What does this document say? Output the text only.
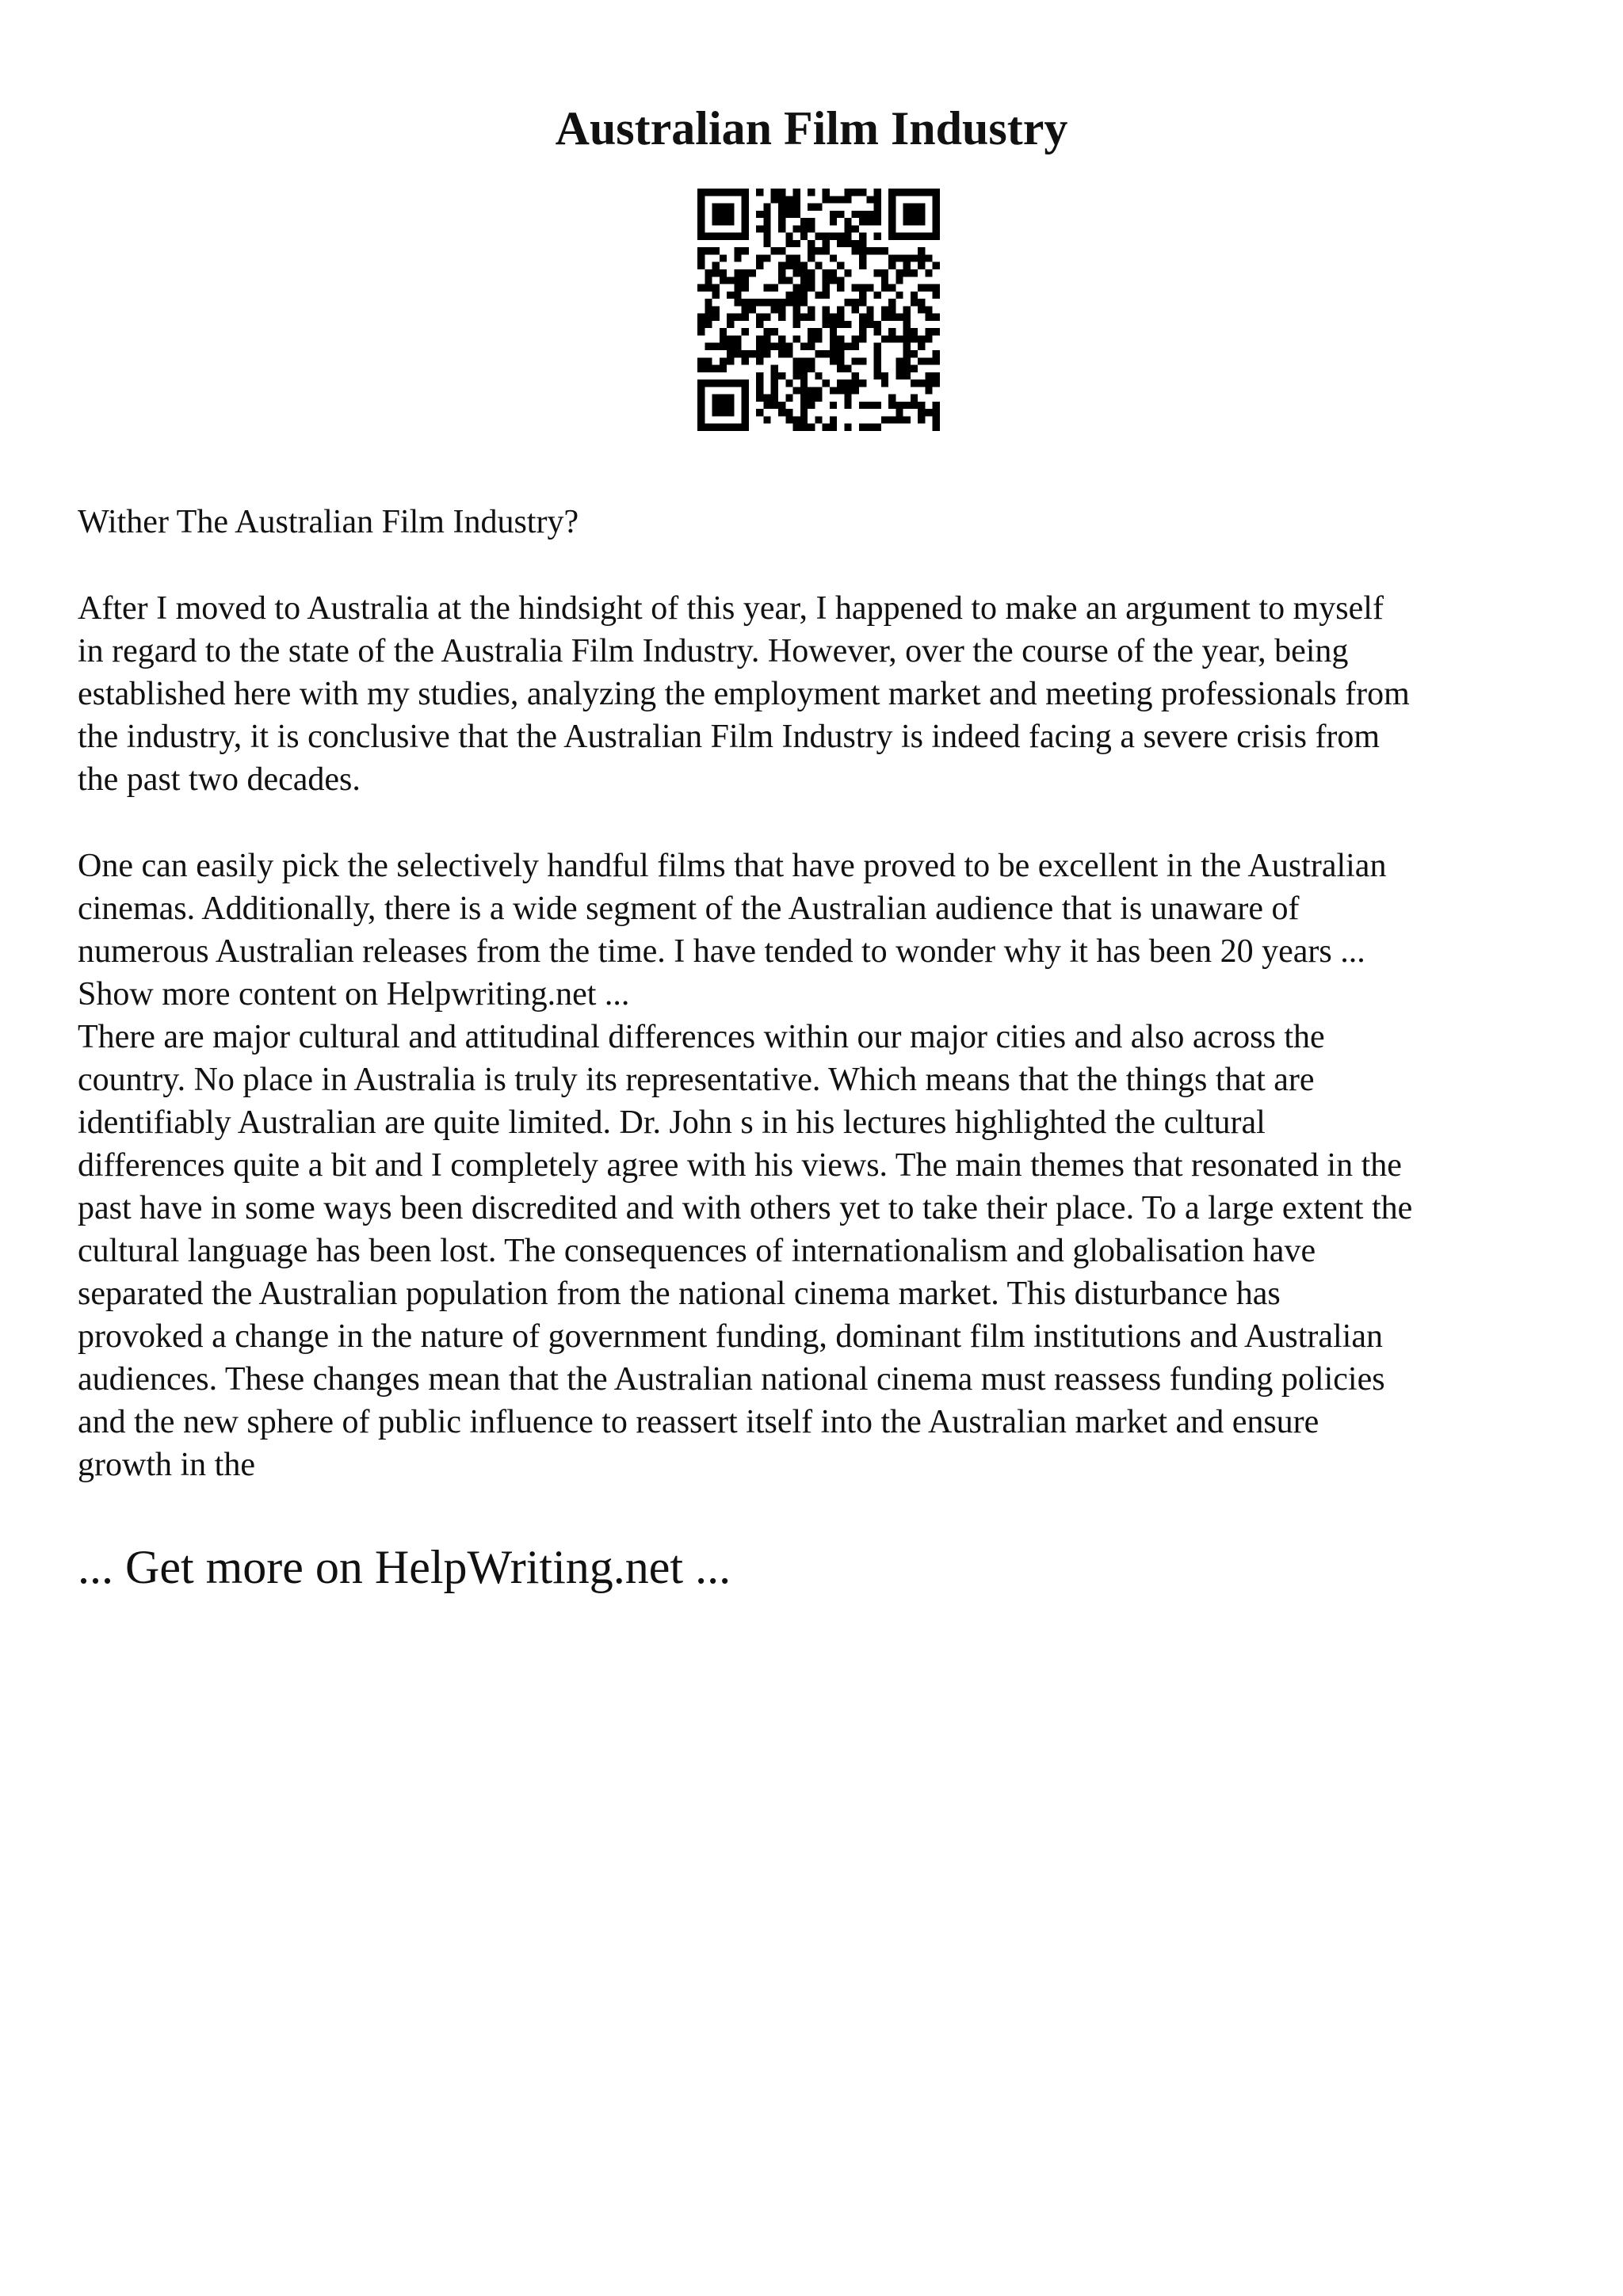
Australian Film Industry

Wither The Australian Film Industry?

After I moved to Australia at the hindsight of this year, I happened to make an argument to myself
in regard to the state of the Australia Film Industry. However, over the course of the year, being
established here with my studies, analyzing the employment market and meeting professionals from
the industry, it is conclusive that the Australian Film Industry is indeed facing a severe crisis from
the past two decades.

One can easily pick the selectively handful films that have proved to be excellent in the Australian
cinemas. Additionally, there is a wide segment of the Australian audience that is unaware of
numerous Australian releases from the time. I have tended to wonder why it has been 20 years ...
Show more content on Helpwriting.net ...

There are major cultural and attitudinal differences within our major cities and also across the
country. No place in Australia is truly its representative. Which means that the things that are
identifiably Australian are quite limited. Dr. John s in his lectures highlighted the cultural
differences quite a bit and I completely agree with his views. The main themes that resonated in the
past have in some ways been discredited and with others yet to take their place. To a large extent the
cultural language has been lost. The consequences of internationalism and globalisation have
separated the Australian population from the national cinema market. This disturbance has
provoked a change in the nature of government funding, dominant film institutions and Australian
audiences. These changes mean that the Australian national cinema must reassess funding policies
and the new sphere of public influence to reassert itself into the Australian market and ensure
growth in the

... Get more on HelpWriting.net ...
